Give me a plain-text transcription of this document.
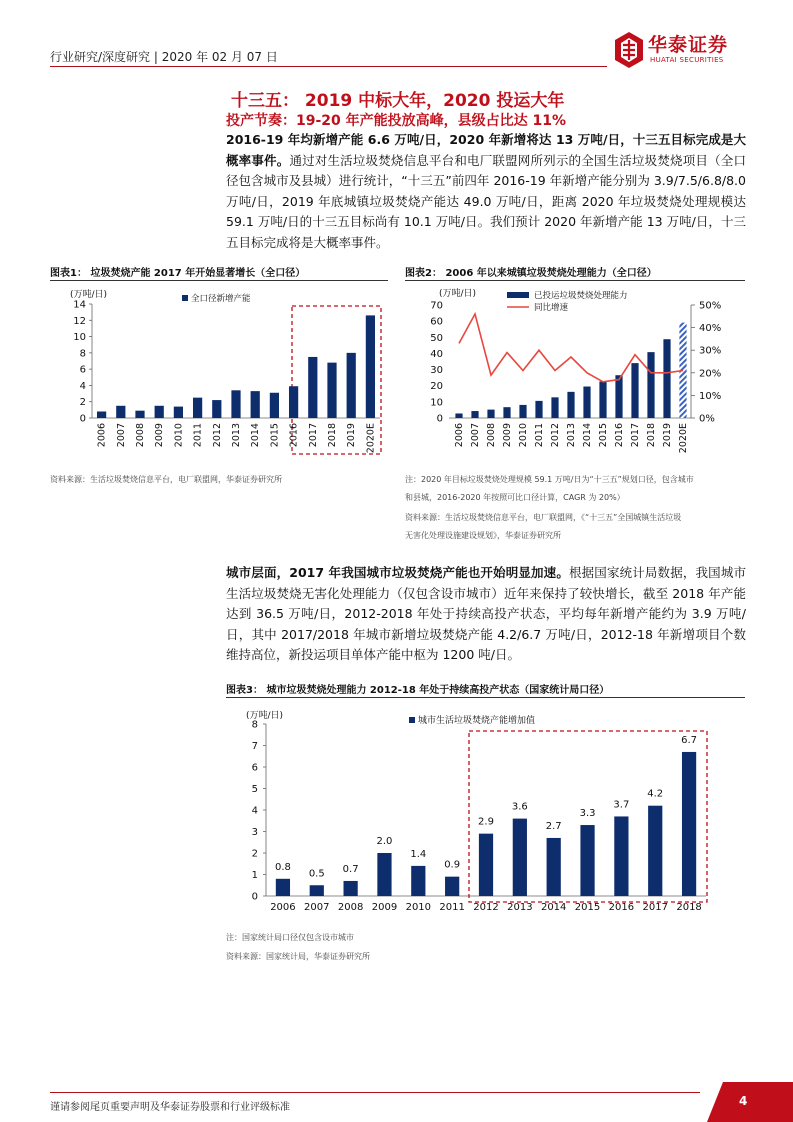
行业研究/深度研究 | 2020 年 02 月 07 日
华泰证券
HUATAI SECURITIES
十三五： 2019 中标大年，2020 投运大年
投产节奏：19-20 年产能投放高峰，县级占比达 11%
2016-19 年均新增产能 6.6 万吨/日，2020 年新增将达 13 万吨/日，十三五目标完成是大概率事件。通过对生活垃圾焚烧信息平台和电厂联盟网所列示的全国生活垃圾焚烧项目（全口径包含城市及县城）进行统计，“十三五”前四年 2016-19 年新增产能分别为 3.9/7.5/6.8/8.0 万吨/日，2019 年底城镇垃圾焚烧产能达 49.0 万吨/日，距离 2020 年垃圾焚烧处理规模达 59.1 万吨/日的十三五目标尚有 10.1 万吨/日。我们预计 2020 年新增产能 13 万吨/日，十三五目标完成将是大概率事件。
图表1： 垃圾焚烧产能 2017 年开始显著增长（全口径）
(万吨/日)
0
2
4
6
8
10
12
14
全口径新增产能
2006 2007 2008 2009 2010 2011 2012 2013 2014 2015 2016 2017 2018 2019 2020E
资料来源：生活垃圾焚烧信息平台，电厂联盟网，华泰证券研究所
图表2： 2006 年以来城镇垃圾焚烧处理能力（全口径）
(万吨/日)
0
10
20
30
40
50
60
70
0%
10%
20%
30%
40%
50%
已投运垃圾焚烧处理能力
同比增速
2006 2007 2008 2009 2010 2011 2012 2013 2014 2015 2016 2017 2018 2019 2020E
注：2020 年目标垃圾焚烧处理规模 59.1 万吨/日为“十三五”规划口径，包含城市
和县城，2016-2020 年按照可比口径计算，CAGR 为 20%）
资料来源：生活垃圾焚烧信息平台，电厂联盟网，《“十三五”全国城镇生活垃圾
无害化处理设施建设规划》，华泰证券研究所
城市层面，2017 年我国城市垃圾焚烧产能也开始明显加速。根据国家统计局数据，我国城市生活垃圾焚烧无害化处理能力（仅包含设市城市）近年来保持了较快增长，截至 2018 年产能达到 36.5 万吨/日，2012-2018 年处于持续高投产状态，平均每年新增产能约为 3.9 万吨/日，其中 2017/2018 年城市新增垃圾焚烧产能 4.2/6.7 万吨/日，2012-18 年新增项目个数维持高位，新投运项目单体产能中枢为 1200 吨/日。
图表3： 城市垃圾焚烧处理能力 2012-18 年处于持续高投产状态（国家统计局口径）
(万吨/日)
0
1
2
3
4
5
6
7
8	城市生活垃圾焚烧产能增加值
0.8
0.5 0.7
2.0
1.4
0.9
2.9
3.6
2.7
3.3
3.7
4.2
6.7
2006 2007 2008 2009 2010 2011 2012 2013 2014 2015 2016 2017 2018
注：国家统计局口径仅包含设市城市
资料来源：国家统计局，华泰证券研究所
谨请参阅尾页重要声明及华泰证券股票和行业评级标准	4
